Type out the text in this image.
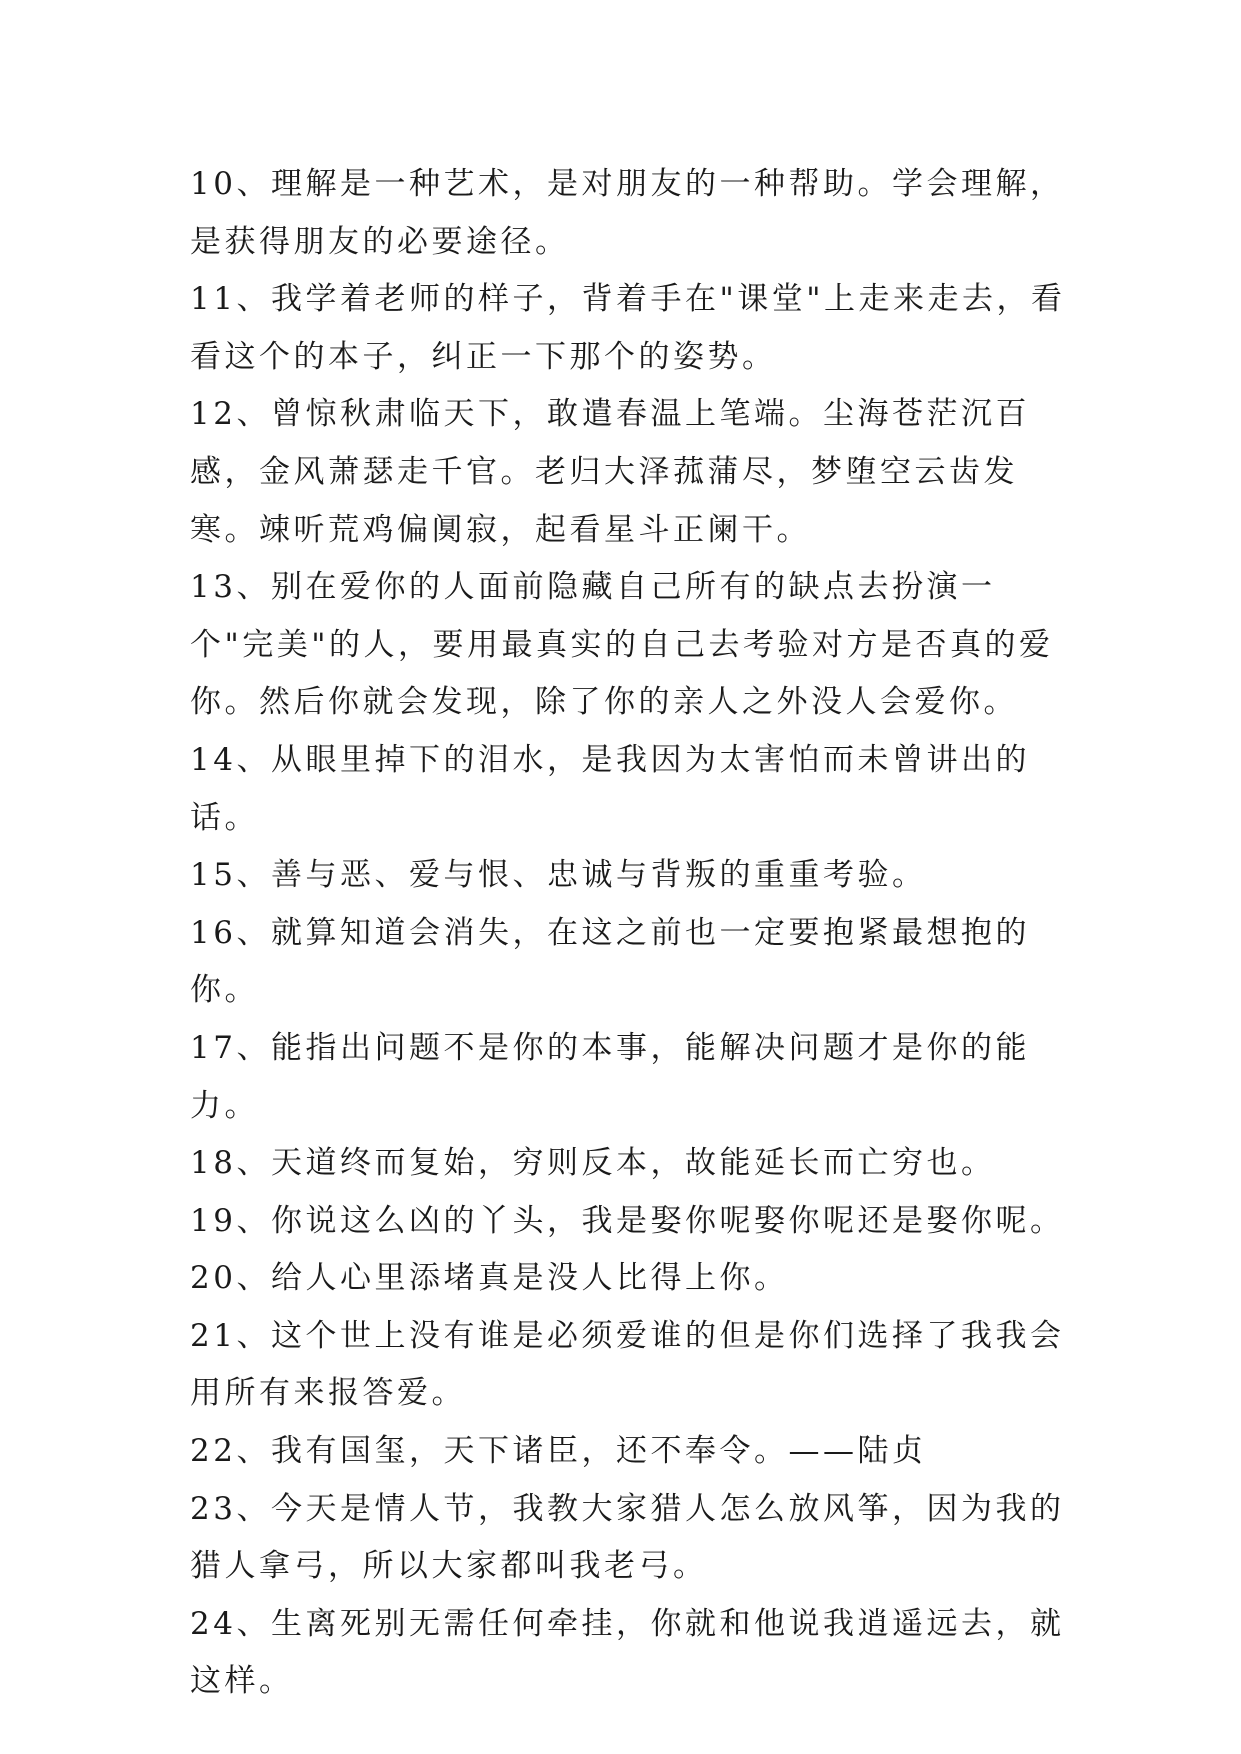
10、理解是一种艺术，是对朋友的一种帮助。学会理解，是获得朋友的必要途径。

11、我学着老师的样子，背着手在"课堂"上走来走去，看看这个的本子，纠正一下那个的姿势。

12、曾惊秋肃临天下，敢遣春温上笔端。尘海苍茫沉百感，金风萧瑟走千官。老归大泽菰蒲尽，梦堕空云齿发寒。竦听荒鸡偏阒寂，起看星斗正阑干。

13、别在爱你的人面前隐藏自己所有的缺点去扮演一个"完美"的人，要用最真实的自己去考验对方是否真的爱你。然后你就会发现，除了你的亲人之外没人会爱你。

14、从眼里掉下的泪水，是我因为太害怕而未曾讲出的话。

15、善与恶、爱与恨、忠诚与背叛的重重考验。

16、就算知道会消失，在这之前也一定要抱紧最想抱的你。

17、能指出问题不是你的本事，能解决问题才是你的能力。

18、天道终而复始，穷则反本，故能延长而亡穷也。

19、你说这么凶的丫头，我是娶你呢娶你呢还是娶你呢。

20、给人心里添堵真是没人比得上你。

21、这个世上没有谁是必须爱谁的但是你们选择了我我会用所有来报答爱。

22、我有国玺，天下诸臣，还不奉令。——陆贞

23、今天是情人节，我教大家猎人怎么放风筝，因为我的猎人拿弓，所以大家都叫我老弓。

24、生离死别无需任何牵挂，你就和他说我逍遥远去，就这样。
